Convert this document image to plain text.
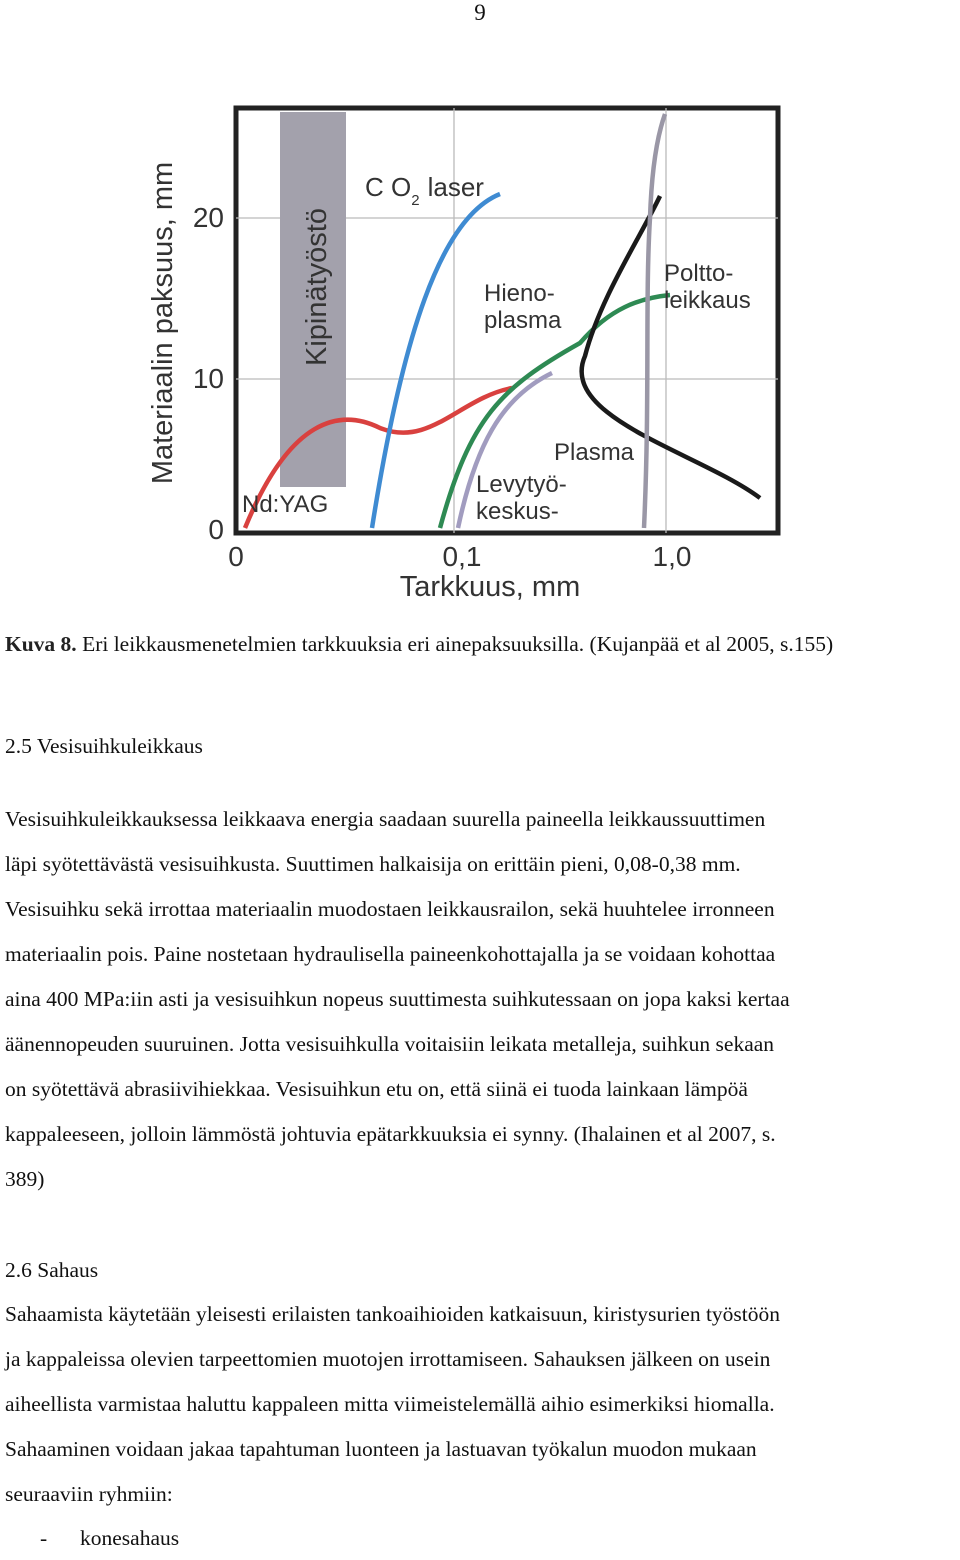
9
Kipinätyöstö
20
10
0
0	0,1	1,0
Tarkkuus, mm
Materiaalin paksuus, mm	C $O_2$ laser
Hieno-
plasma
Poltto-
leikkaus
Plasma
Levytyö-
keskus-
Nd:YAG
Kuva 8. Eri leikkausmenetelmien tarkkuuksia eri ainepaksuuksilla. (Kujanpää et al 2005, s.155)
2.5 Vesisuihkuleikkaus
Vesisuihkuleikkauksessa leikkaava energia saadaan suurella paineella leikkaussuuttimen
läpi syötettävästä vesisuihkusta. Suuttimen halkaisija on erittäin pieni, 0,08-0,38 mm.
Vesisuihku sekä irrottaa materiaalin muodostaen leikkausrailon, sekä huuhtelee irronneen
materiaalin pois. Paine nostetaan hydraulisella paineenkohottajalla ja se voidaan kohottaa
aina 400 MPa:iin asti ja vesisuihkun nopeus suuttimesta suihkutessaan on jopa kaksi kertaa
äänennopeuden suuruinen. Jotta vesisuihkulla voitaisiin leikata metalleja, suihkun sekaan
on syötettävä abrasiivihiekkaa. Vesisuihkun etu on, että siinä ei tuoda lainkaan lämpöä
kappaleeseen, jolloin lämmöstä johtuvia epätarkkuuksia ei synny. (Ihalainen et al 2007, s.
389)
2.6 Sahaus
Sahaamista käytetään yleisesti erilaisten tankoaihioiden katkaisuun, kiristysurien työstöön
ja kappaleissa olevien tarpeettomien muotojen irrottamiseen. Sahauksen jälkeen on usein
aiheellista varmistaa haluttu kappaleen mitta viimeistelemällä aihio esimerkiksi hiomalla.
Sahaaminen voidaan jakaa tapahtuman luonteen ja lastuavan työkalun muodon mukaan
seuraaviin ryhmiin:
- konesahaus
